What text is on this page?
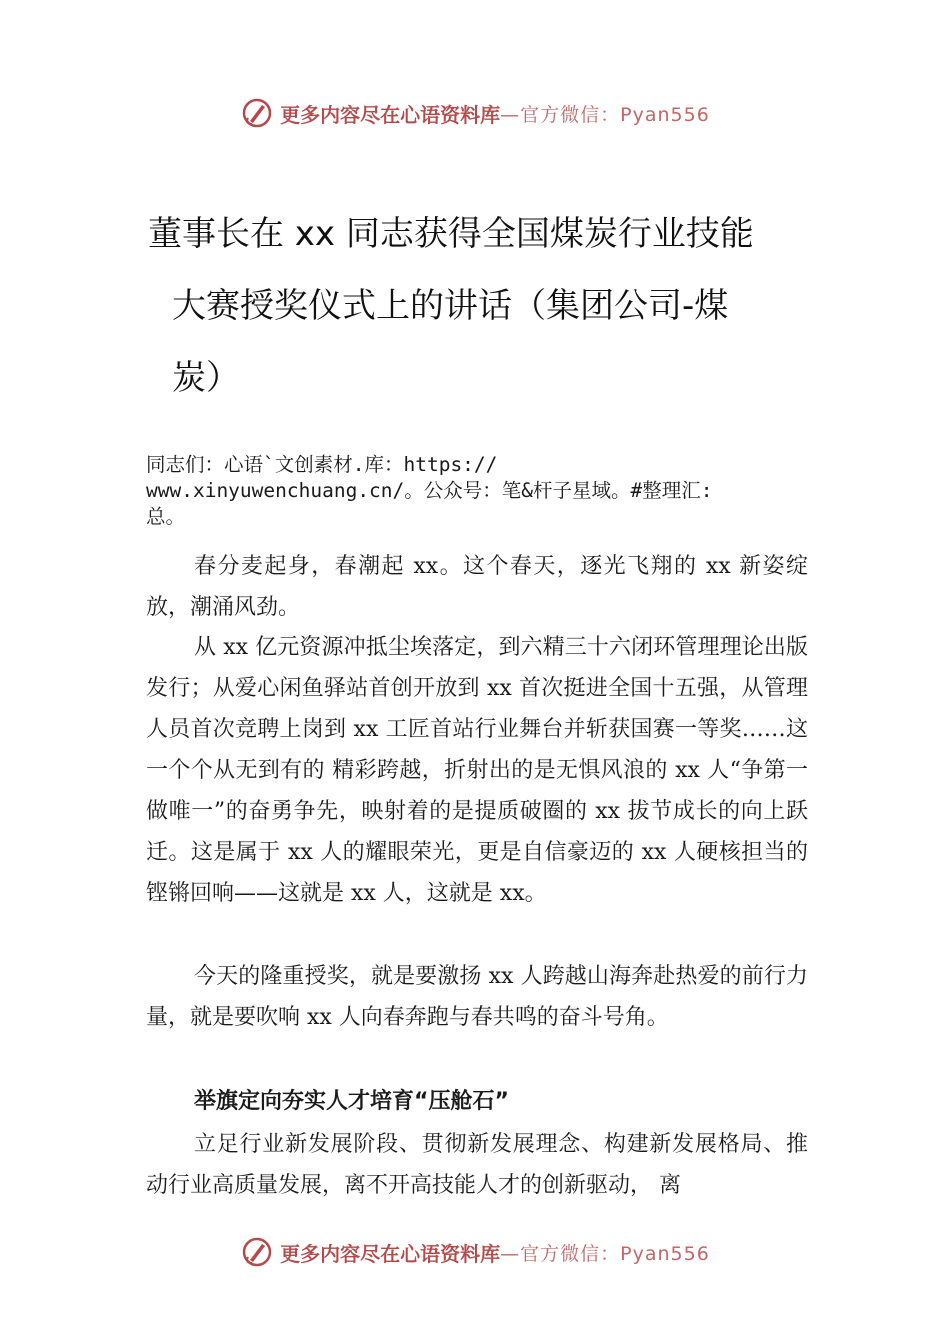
更多内容尽在心语资料库 —官方微信：Pyan556
董事长在 xx 同志获得全国煤炭行业技能
大赛授奖仪式上的讲话（集团公司-煤
炭）
同志们：心语`文创素材.库：https://
www.xinyuwenchuang.cn/。公众号：笔&杆子星域。#整理汇:
总。
春分麦起身，春潮起 xx。这个春天，逐光飞翔的 xx 新姿绽放，潮涌风劲。
从 xx 亿元资源冲抵尘埃落定，到六精三十六闭环管理理论出版发行；从爱心闲鱼驿站首创开放到 xx 首次挺进全国十五强，从管理人员首次竞聘上岗到 xx 工匠首站行业舞台并斩获国赛一等奖……这一个个从无到有的 精彩跨越，折射出的是无惧风浪的 xx 人“争第一做唯一”的奋勇争先，映射着的是提质破圈的 xx 拔节成长的向上跃迁。这是属于 xx 人的耀眼荣光，更是自信豪迈的 xx 人硬核担当的铿锵回响——这就是 xx 人，这就是 xx。
今天的隆重授奖，就是要激扬 xx 人跨越山海奔赴热爱的前行力量，就是要吹响 xx 人向春奔跑与春共鸣的奋斗号角。
举旗定向夯实人才培育“压舱石”
立足行业新发展阶段、贯彻新发展理念、构建新发展格局、推动行业高质量发展，离不开高技能人才的创新驱动， 离
更多内容尽在心语资料库 —官方微信：Pyan556
